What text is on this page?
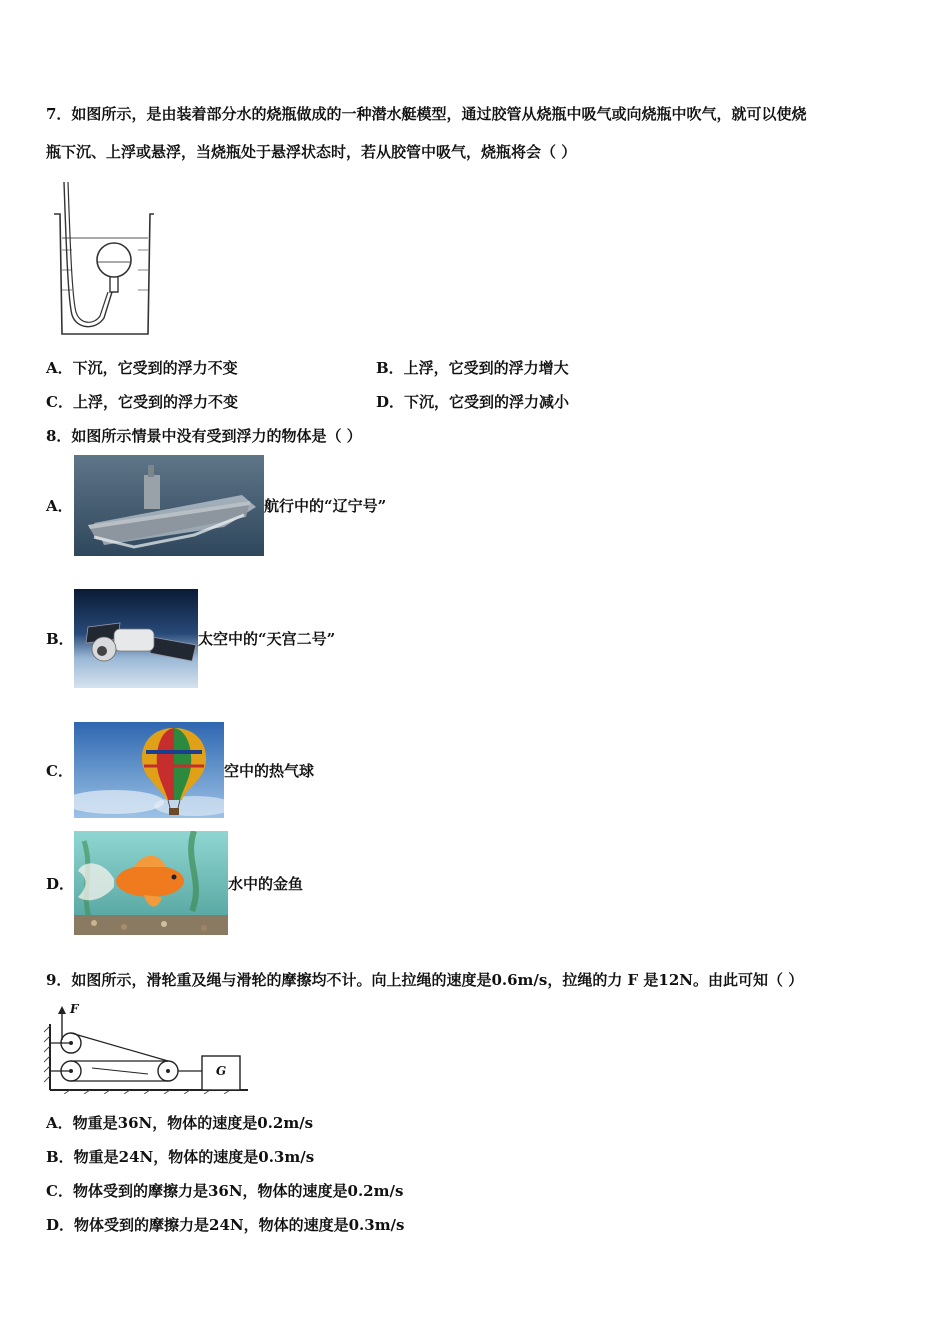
7．如图所示，是由装着部分水的烧瓶做成的一种潜水艇模型，通过胶管从烧瓶中吸气或向烧瓶中吹气，就可以使烧
瓶下沉、上浮或悬浮，当烧瓶处于悬浮状态时，若从胶管中吸气，烧瓶将会（ ）
A．下沉，它受到的浮力不变	B．上浮，它受到的浮力增大
C．上浮，它受到的浮力不变	D．下沉，它受到的浮力减小
8．如图所示情景中没有受到浮力的物体是（ ）
A．	航行中的“辽宁号”
B．	太空中的“天宫二号”
C．	空中的热气球
D．	水中的金鱼
9．如图所示，滑轮重及绳与滑轮的摩擦均不计。向上拉绳的速度是0.6m/s，拉绳的力 F 是12N。由此可知（ ）
F
G
A．物重是36N，物体的速度是0.2m/s
B．物重是24N，物体的速度是0.3m/s
C．物体受到的摩擦力是36N，物体的速度是0.2m/s
D．物体受到的摩擦力是24N，物体的速度是0.3m/s
